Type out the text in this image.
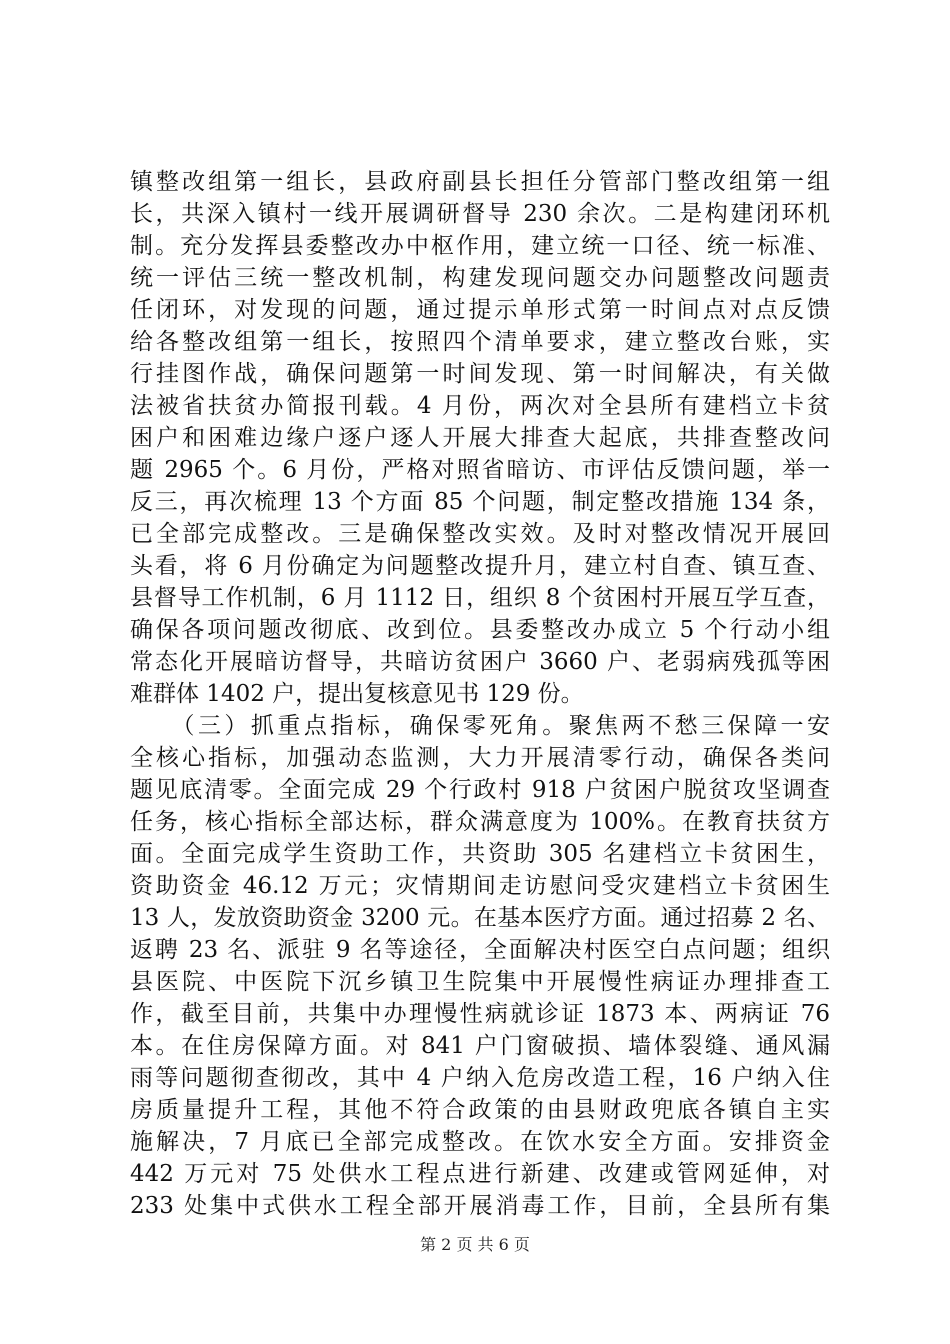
镇整改组第一组长，县政府副县长担任分管部门整改组第一组
长，共深入镇村一线开展调研督导 230 余次。二是构建闭环机
制。充分发挥县委整改办中枢作用，建立统一口径、统一标准、
统一评估三统一整改机制，构建发现问题交办问题整改问题责
任闭环，对发现的问题，通过提示单形式第一时间点对点反馈
给各整改组第一组长，按照四个清单要求，建立整改台账，实
行挂图作战，确保问题第一时间发现、第一时间解决，有关做
法被省扶贫办简报刊载。4 月份，两次对全县所有建档立卡贫
困户和困难边缘户逐户逐人开展大排查大起底，共排查整改问
题 2965 个。6 月份，严格对照省暗访、市评估反馈问题，举一
反三，再次梳理 13 个方面 85 个问题，制定整改措施 134 条，
已全部完成整改。三是确保整改实效。及时对整改情况开展回
头看，将 6 月份确定为问题整改提升月，建立村自查、镇互查、
县督导工作机制，6 月 1112 日，组织 8 个贫困村开展互学互查，
确保各项问题改彻底、改到位。县委整改办成立 5 个行动小组
常态化开展暗访督导，共暗访贫困户 3660 户、老弱病残孤等困
难群体 1402 户，提出复核意见书 129 份。
　　（三）抓重点指标，确保零死角。聚焦两不愁三保障一安
全核心指标，加强动态监测，大力开展清零行动，确保各类问
题见底清零。全面完成 29 个行政村 918 户贫困户脱贫攻坚调查
任务，核心指标全部达标，群众满意度为 100%。在教育扶贫方
面。全面完成学生资助工作，共资助 305 名建档立卡贫困生，
资助资金 46.12 万元；灾情期间走访慰问受灾建档立卡贫困生
13 人，发放资助资金 3200 元。在基本医疗方面。通过招募 2 名、
返聘 23 名、派驻 9 名等途径，全面解决村医空白点问题；组织
县医院、中医院下沉乡镇卫生院集中开展慢性病证办理排查工
作，截至目前，共集中办理慢性病就诊证 1873 本、两病证 76
本。在住房保障方面。对 841 户门窗破损、墙体裂缝、通风漏
雨等问题彻查彻改，其中 4 户纳入危房改造工程，16 户纳入住
房质量提升工程，其他不符合政策的由县财政兜底各镇自主实
施解决，7 月底已全部完成整改。在饮水安全方面。安排资金
442 万元对 75 处供水工程点进行新建、改建或管网延伸，对
233 处集中式供水工程全部开展消毒工作，目前，全县所有集
第 2 页 共 6 页
